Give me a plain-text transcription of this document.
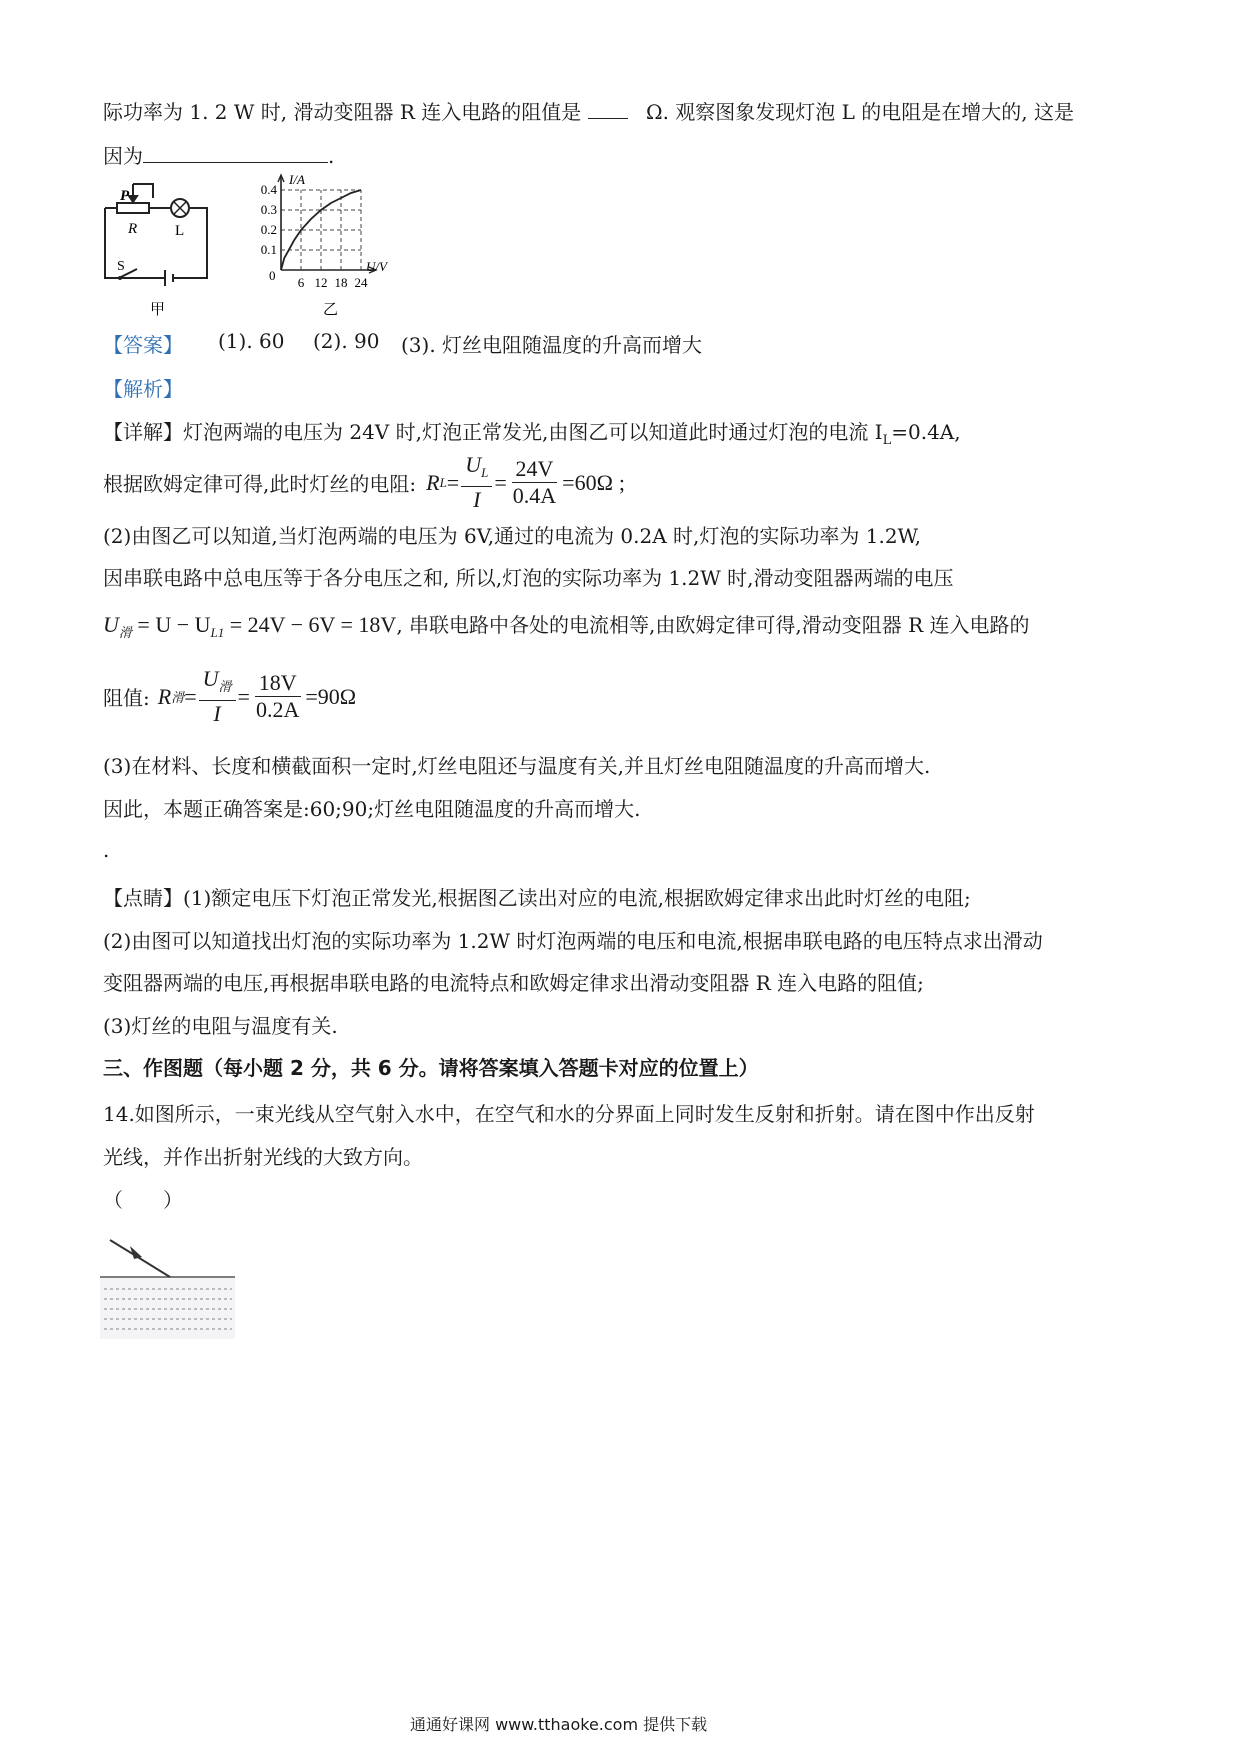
际功率为 1. 2 W 时, 滑动变阻器 R 连入电路的阻值是	Ω. 观察图象发现灯泡 L 的电阻是在增大的, 这是
因为	.
P
R	L
S
甲
6 12 18 24
0.1
0.2
0.3
0.4
I/A
U/V
0
乙
【答案】 (1). 60 (2). 90 (3). 灯丝电阻随温度的升高而增大
【解析】
【详解】灯泡两端的电压为 24V 时,灯泡正常发光,由图乙可以知道此时通过灯泡的电流 $I_L=0.4A$,
根据欧姆定律可得,此时灯丝的电阻: R $L = \frac{U_L}{I} = \frac{24V}{0.4A} =60\Omega$ ;
(2)由图乙可以知道,当灯泡两端的电压为 6V,通过的电流为 0.2A 时,灯泡的实际功率为 1.2W,
因串联电路中总电压等于各分电压之和, 所以,灯泡的实际功率为 1.2W 时,滑动变阻器两端的电压
$U_滑 = U - U_{L1} = 24V - 6V = 18V$ , 串联电路中各处的电流相等,由欧姆定律可得,滑动变阻器 R 连入电路的
阻值: R 滑 = $\frac{U_滑}{I} = \frac{18V}{0.2A} =90\Omega$
(3)在材料、长度和横截面积一定时,灯丝电阻还与温度有关,并且灯丝电阻随温度的升高而增大.
因此，本题正确答案是:60;90;灯丝电阻随温度的升高而增大.
.
【点睛】(1)额定电压下灯泡正常发光,根据图乙读出对应的电流,根据欧姆定律求出此时灯丝的电阻;
(2)由图可以知道找出灯泡的实际功率为 1.2W 时灯泡两端的电压和电流,根据串联电路的电压特点求出滑动
变阻器两端的电压,再根据串联电路的电流特点和欧姆定律求出滑动变阻器 R 连入电路的阻值;
(3)灯丝的电阻与温度有关.
三、作图题（每小题 2 分，共 6 分。请将答案填入答题卡对应的位置上）
14.如图所示，一束光线从空气射入水中，在空气和水的分界面上同时发生反射和折射。请在图中作出反射
光线，并作出折射光线的大致方向。
（　　）
通通好课网 www.tthaoke.com 提供下载
